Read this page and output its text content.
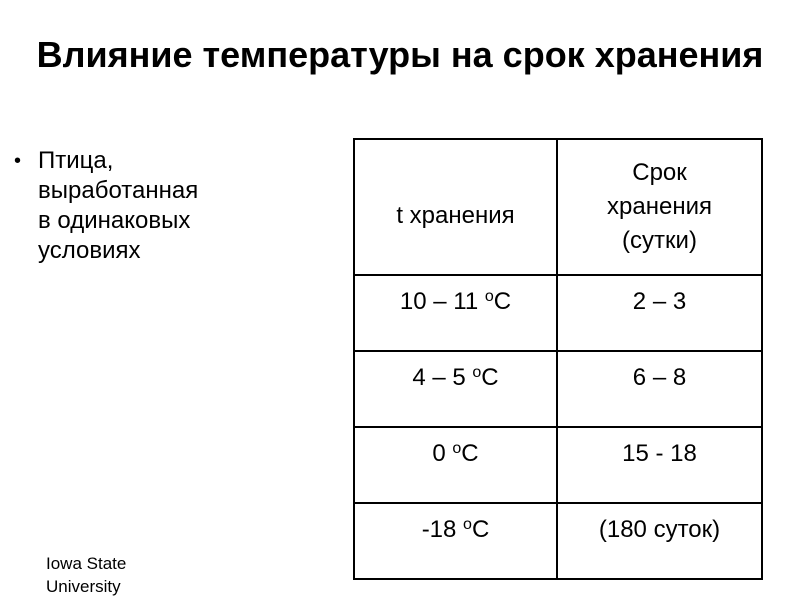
Влияние температуры на срок хранения
• Птица,
выработанная
в одинаковых
условиях
t хранения	Срок
хранения
(сутки)
10 – 11 $^о$С	2 – 3
4 – 5 $^о$С	6 – 8
0 $^о$С	15 - 18
-18 $^о$С	(180 суток)
Iowa State
University
